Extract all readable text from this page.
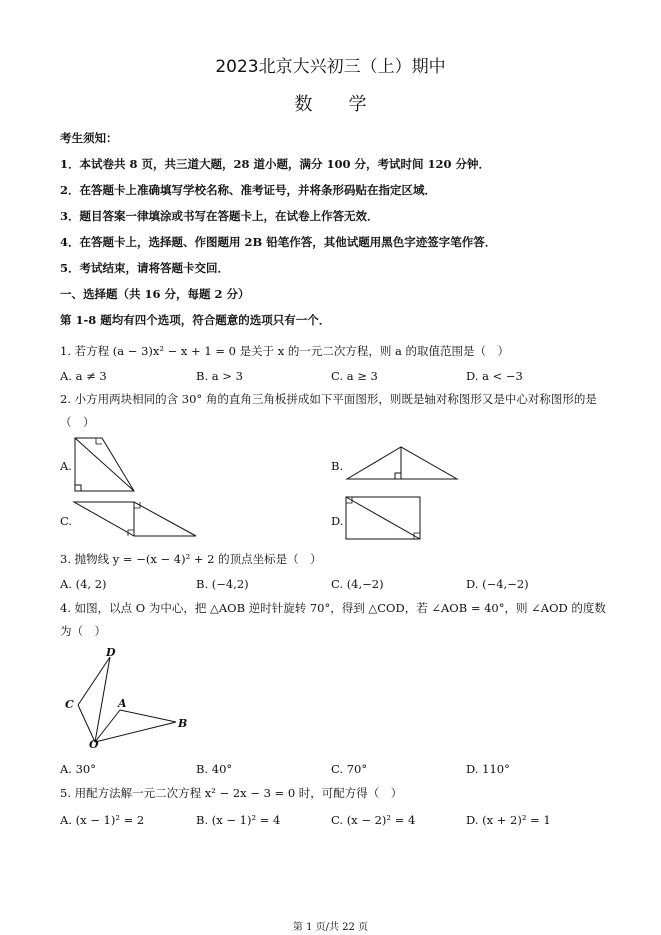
2023北京大兴初三（上）期中
数　　学
考生须知：
1．本试卷共 8 页，共三道大题，28 道小题，满分 100 分，考试时间 120 分钟．
2．在答题卡上准确填写学校名称、准考证号，并将条形码贴在指定区域．
3．题目答案一律填涂或书写在答题卡上，在试卷上作答无效．
4．在答题卡上，选择题、作图题用 2B 铅笔作答，其他试题用黑色字迹签字笔作答．
5．考试结束，请将答题卡交回．
一、选择题（共 16 分，每题 2 分）
第 1-8 题均有四个选项，符合题意的选项只有一个．
1. 若方程 (a − 3)x² − x + 1 = 0 是关于 x 的一元二次方程，则 a 的取值范围是（　）
A. a ≠ 3	B. a > 3	C. a ≥ 3	D. a < −3
2. 小方用两块相同的含 30° 角的直角三角板拼成如下平面图形，则既是轴对称图形又是中心对称图形的是
（　）
A.	B.
C.	D.
3. 抛物线 y = −(x − 4)² + 2 的顶点坐标是（　）
A. (4, 2)	B. (−4,2)	C. (4,−2)	D. (−4,−2)
4. 如图，以点 O 为中心，把 △AOB 逆时针旋转 70°，得到 △COD，若 ∠AOB = 40°，则 ∠AOD 的度数
为（　）
D
C	A
B
O
A. 30°	B. 40°	C. 70°	D. 110°
5. 用配方法解一元二次方程 x² − 2x − 3 = 0 时，可配方得（　）
A. (x − 1)² = 2	B. (x − 1)² = 4	C. (x − 2)² = 4	D. (x + 2)² = 1
第 1 页/共 22 页
